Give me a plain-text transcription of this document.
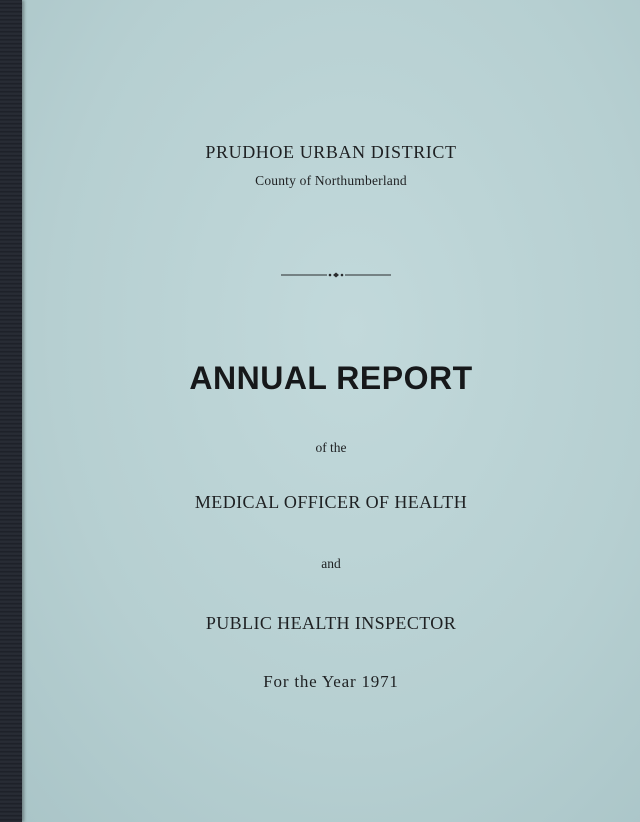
PRUDHOE URBAN DISTRICT
County of Northumberland
ANNUAL REPORT
of the
MEDICAL OFFICER OF HEALTH
and
PUBLIC HEALTH INSPECTOR
For the Year 1971
